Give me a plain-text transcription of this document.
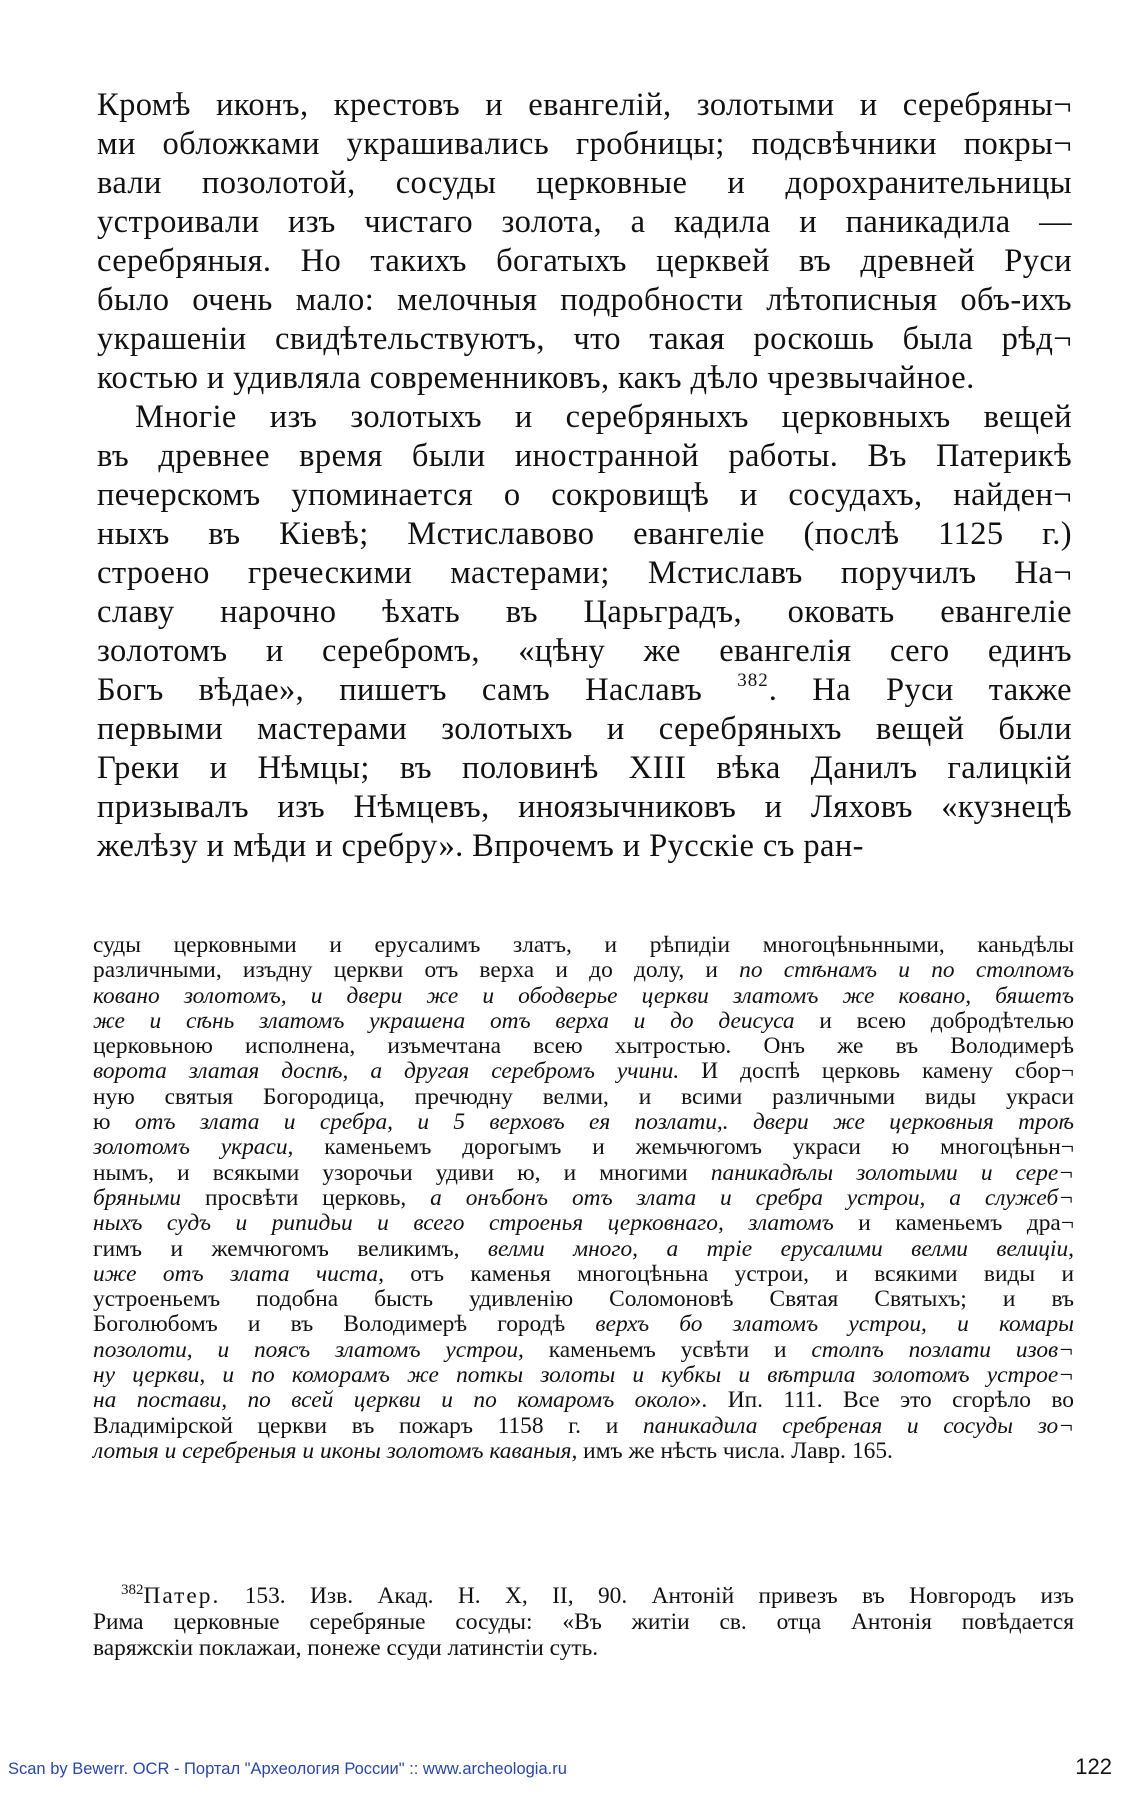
Кромѣ иконъ, крестовъ и евангелій, золотыми и серебряны¬

ми обложками украшивались гробницы; подсвѣчники покры¬

вали позолотой, сосуды церковные и дорохранительницы

устроивали изъ чистаго золота, а кадила и паникадила —

серебряныя. Но такихъ богатыхъ церквей въ древней Руси

было очень мало: мелочныя подробности лѣтописныя объ-ихъ

украшеніи свидѣтельствуютъ, что такая роскошь была рѣд¬

костью и удивляла современниковъ, какъ дѣло чрезвычайное.

Многіе изъ золотыхъ и серебряныхъ церковныхъ вещей

въ древнее время были иностранной работы. Въ Патерикѣ

печерскомъ упоминается о сокровищѣ и сосудахъ, найден¬

ныхъ въ Кіевѣ; Мстиславово евангеліе (послѣ 1125 г.)

строено греческими мастерами; Мстиславъ поручилъ На¬

славу нарочно ѣхать въ Царьградъ, оковать евангеліе

золотомъ и серебромъ, «цѣну же евангелія сего единъ

Богъ вѣдае», пишетъ самъ Наславъ $^{382}$. На Руси также

первыми мастерами золотыхъ и серебряныхъ вещей были

Греки и Нѣмцы; въ половинѣ XIII вѣка Данилъ галицкій

призывалъ изъ Нѣмцевъ, иноязычниковъ и Ляховъ «кузнецѣ

желѣзу и мѣди и сребру». Впрочемъ и Русскіе съ ран-

суды церковными и ерусалимъ златъ, и рѣпидіи многоцѣньнными, каньдѣлы

различными, изъдну церкви отъ верха и до долу, и по стѣнамъ и по столпомъ

ковано золотомъ, и двери же и ободверье церкви златомъ же ковано, бяшетъ

же и сѣнь златомъ украшена отъ верха и до деисуса и всею добродѣтелью

церковьною исполнена, изъмечтана всею хытростью. Онъ же въ Володимерѣ

ворота златая доспѣ, а другая серебромъ учини. И доспѣ церковь камену сбор¬

ную святыя Богородица, пречюдну велми, и всими различными виды украси

ю отъ злата и сребра, и 5 верховъ ея позлати,. двери же церковныя троѣ

золотомъ украси, каменьемъ дорогымъ и жемьчюгомъ украси ю многоцѣньн¬

нымъ, и всякыми узорочьи удиви ю, и многими паникадѣлы золотыми и сере¬

бряными просвѣти церковь, а онъбонъ отъ злата и сребра устрои, а служеб¬

ныхъ судъ и рипидьи и всего строенья церковнаго, златомъ и каменьемъ дра¬

гимъ и жемчюгомъ великимъ, велми много, а тріе ерусалими велми велиціи,

иже отъ злата чиста, отъ каменья многоцѣньна устрои, и всякими виды и

устроеньемъ подобна бысть удивленію Соломоновѣ Святая Святыхъ; и въ

Боголюбомъ и въ Володимерѣ городѣ верхъ бо златомъ устрои, и комары

позолоти, и поясъ златомъ устрои, каменьемъ усвѣти и столпъ позлати изов¬

ну церкви, и по коморамъ же поткы золоты и кубкы и вѣтрила золотомъ устрое¬

на постави, по всей церкви и по комаромъ около». Ип. 111. Все это сгорѣло во

Владимірской церкви въ пожаръ 1158 г. и паникадила сребреная и сосуды зо¬

лотыя и серебреныя и иконы золотомъ каваныя, имъ же нѣсть числа. Лавр. 165.

$^{382}$Патер. 153. Изв. Акад. Н. Х, II, 90. Антоній привезъ въ Новгородъ изъ

Рима церковные серебряные сосуды: «Въ житіи св. отца Антонія повѣдается

варяжскіи поклажаи, понеже ссуди латинстіи суть.

Scan by Bewerr. OCR - Портал "Археология России" :: www.archeologia.ru	122
